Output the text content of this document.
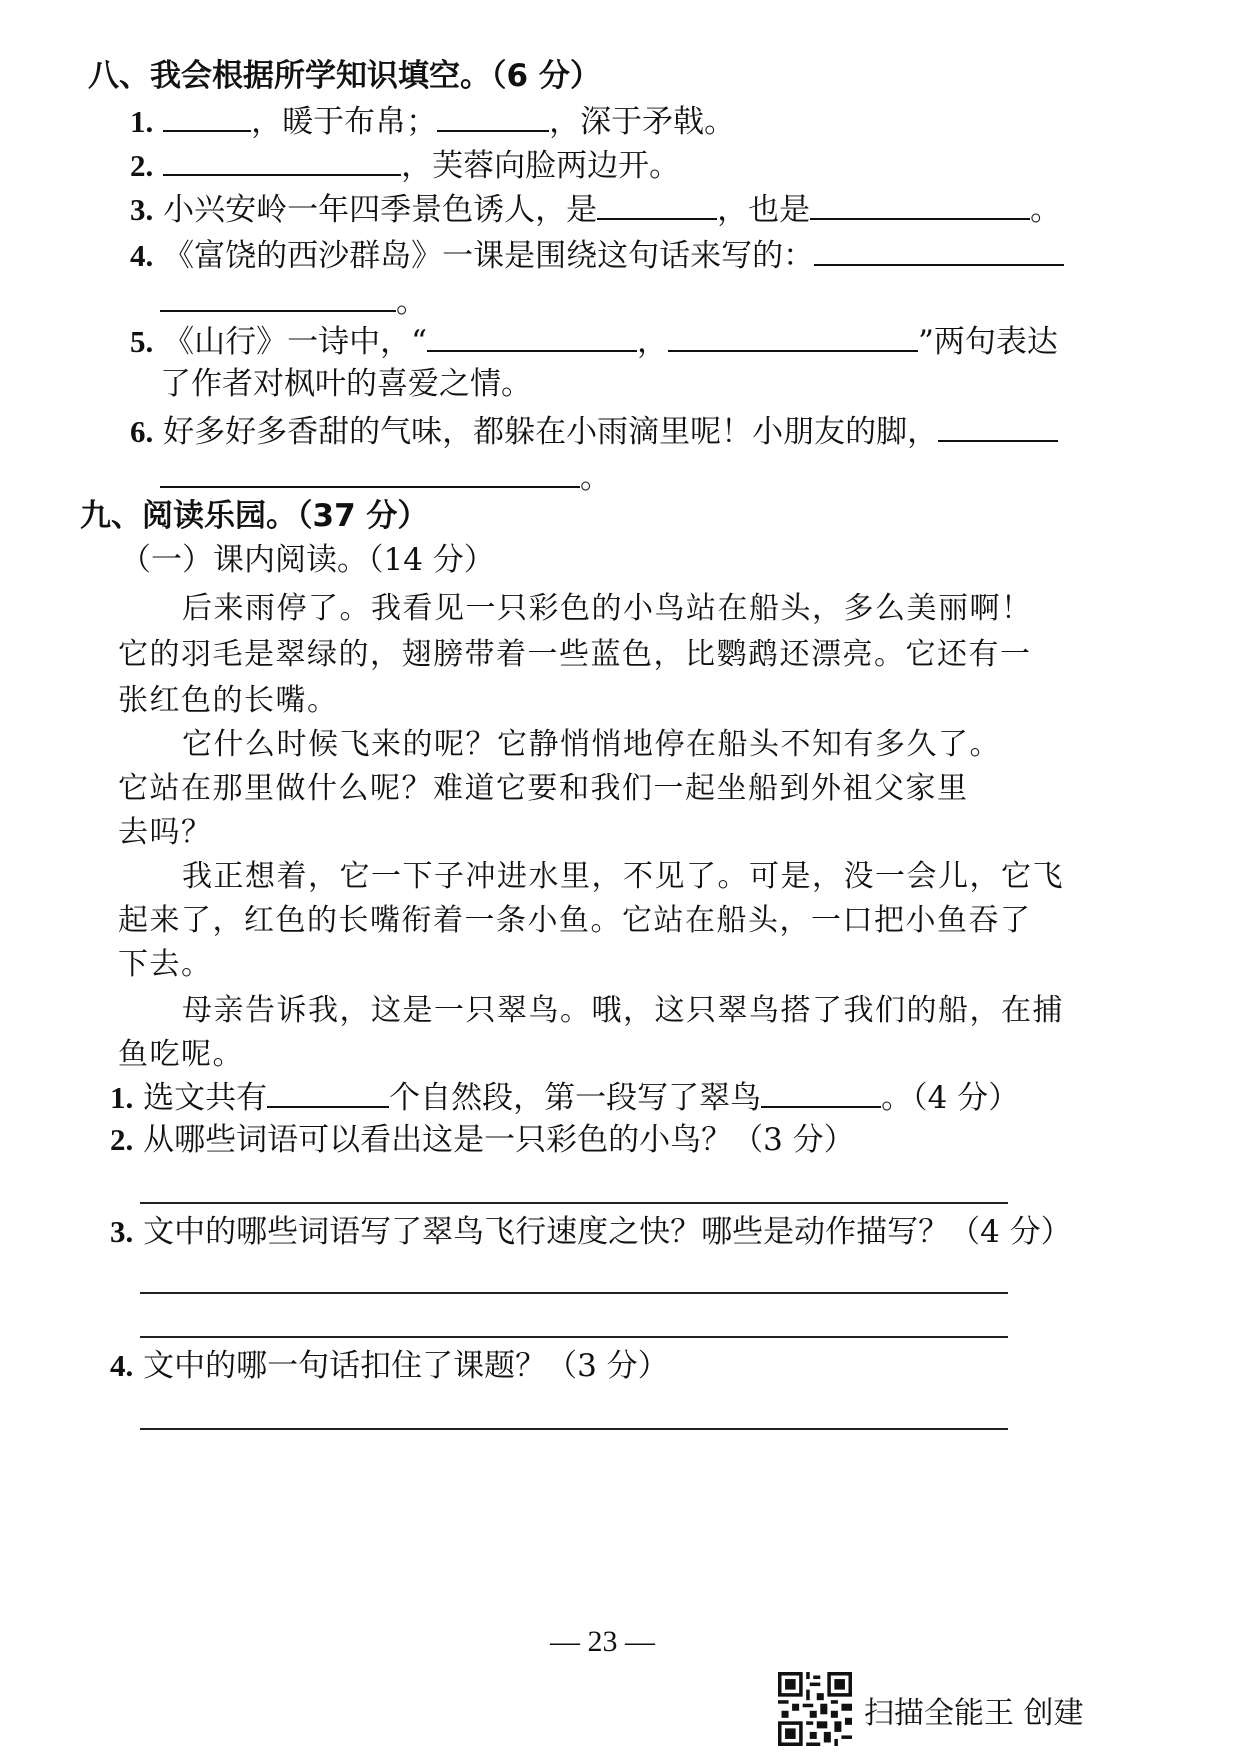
八、我会根据所学知识填空。（6 分）
1.	，暖于布帛；	，深于矛戟。
2.	，芙蓉向脸两边开。
3. 小兴安岭一年四季景色诱人，是	，也是	。
4. 《富饶的西沙群岛》一课是围绕这句话来写的：
。
5. 《山行》一诗中，“	，	”两句表达
了作者对枫叶的喜爱之情。
6. 好多好多香甜的气味，都躲在小雨滴里呢！小朋友的脚，
。
九、阅读乐园。（37 分）
（一）课内阅读。（14 分）
后来雨停了。我看见一只彩色的小鸟站在船头，多么美丽啊！
它的羽毛是翠绿的，翅膀带着一些蓝色，比鹦鹉还漂亮。它还有一
张红色的长嘴。
它什么时候飞来的呢？它静悄悄地停在船头不知有多久了。
它站在那里做什么呢？难道它要和我们一起坐船到外祖父家里
去吗？
我正想着，它一下子冲进水里，不见了。可是，没一会儿，它飞
起来了，红色的长嘴衔着一条小鱼。它站在船头，一口把小鱼吞了
下去。
母亲告诉我，这是一只翠鸟。哦，这只翠鸟搭了我们的船，在捕
鱼吃呢。
1. 选文共有	个自然段，第一段写了翠鸟	。（4 分）
2. 从哪些词语可以看出这是一只彩色的小鸟？（3 分）
3. 文中的哪些词语写了翠鸟飞行速度之快？哪些是动作描写？（4 分）
4. 文中的哪一句话扣住了课题？（3 分）
— 23 —
扫描全能王 创建
